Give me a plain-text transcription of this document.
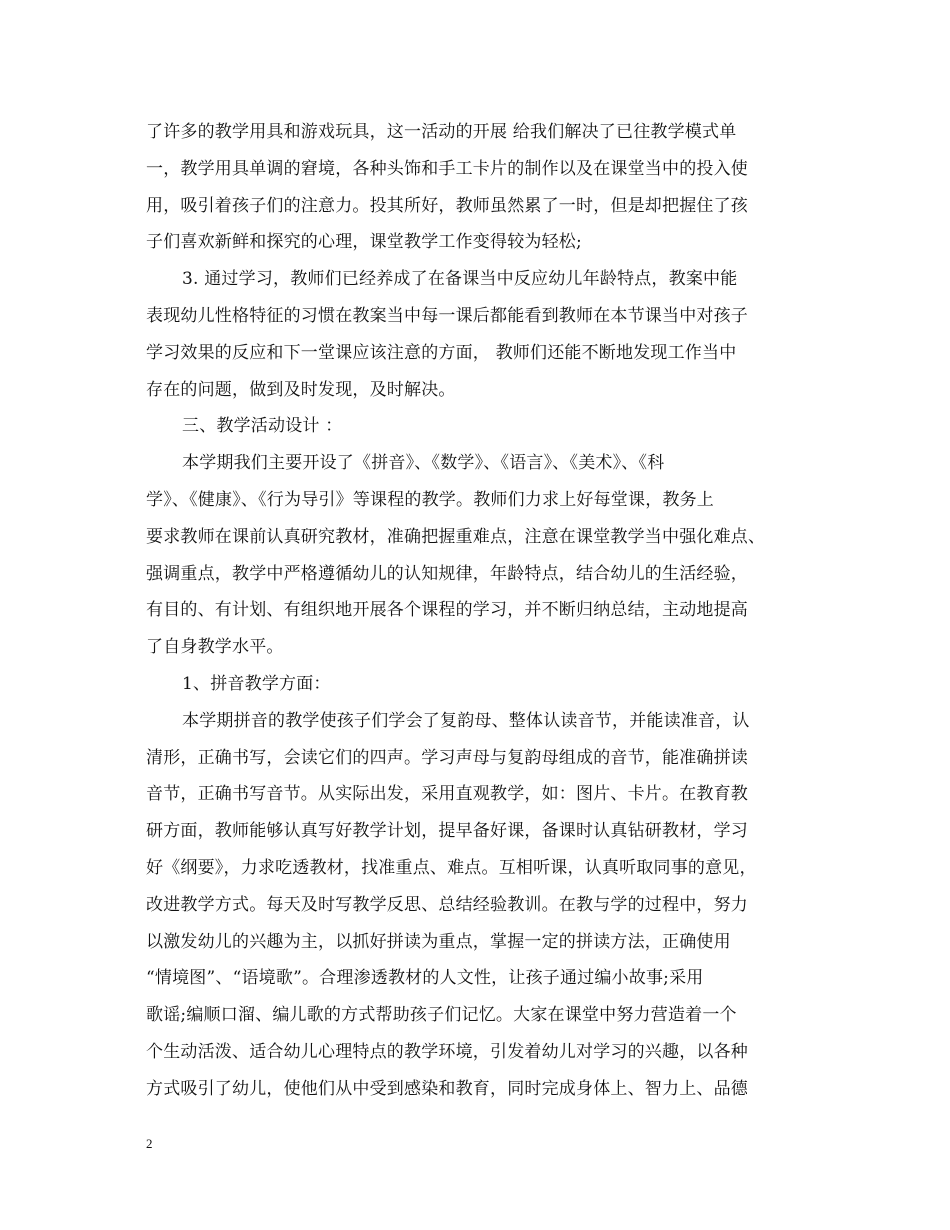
了许多的教学用具和游戏玩具，这一活动的开展 给我们解决了已往教学模式单
一，教学用具单调的窘境，各种头饰和手工卡片的制作以及在课堂当中的投入使
用，吸引着孩子们的注意力。投其所好，教师虽然累了一时，但是却把握住了孩
子们喜欢新鲜和探究的心理，课堂教学工作变得较为轻松;
3. 通过学习，教师们已经养成了在备课当中反应幼儿年龄特点，教案中能
表现幼儿性格特征的习惯在教案当中每一课后都能看到教师在本节课当中对孩子
学习效果的反应和下一堂课应该注意的方面， 教师们还能不断地发现工作当中
存在的问题，做到及时发现，及时解决。
三、教学活动设计 ：
本学期我们主要开设了《拼音》、《数学》、《语言》、《美术》、《科
学》、《健康》、《行为导引》等课程的教学。教师们力求上好每堂课，教务上
要求教师在课前认真研究教材，准确把握重难点，注意在课堂教学当中强化难点、
强调重点，教学中严格遵循幼儿的认知规律，年龄特点，结合幼儿的生活经验，
有目的、有计划、有组织地开展各个课程的学习，并不断归纳总结，主动地提高
了自身教学水平。
1、拼音教学方面：
本学期拼音的教学使孩子们学会了复韵母、整体认读音节，并能读准音，认
清形，正确书写，会读它们的四声。学习声母与复韵母组成的音节，能准确拼读
音节，正确书写音节。从实际出发，采用直观教学，如：图片、卡片。在教育教
研方面，教师能够认真写好教学计划，提早备好课，备课时认真钻研教材，学习
好《纲要》，力求吃透教材，找准重点、难点。互相听课，认真听取同事的意见，
改进教学方式。每天及时写教学反思、总结经验教训。在教与学的过程中，努力
以激发幼儿的兴趣为主，以抓好拼读为重点，掌握一定的拼读方法，正确使用
“情境图”、“语境歌”。合理渗透教材的人文性，让孩子通过编小故事;采用
歌谣;编顺口溜、编儿歌的方式帮助孩子们记忆。大家在课堂中努力营造着一个
个生动活泼、适合幼儿心理特点的教学环境，引发着幼儿对学习的兴趣，以各种
方式吸引了幼儿，使他们从中受到感染和教育，同时完成身体上、智力上、品德
2
